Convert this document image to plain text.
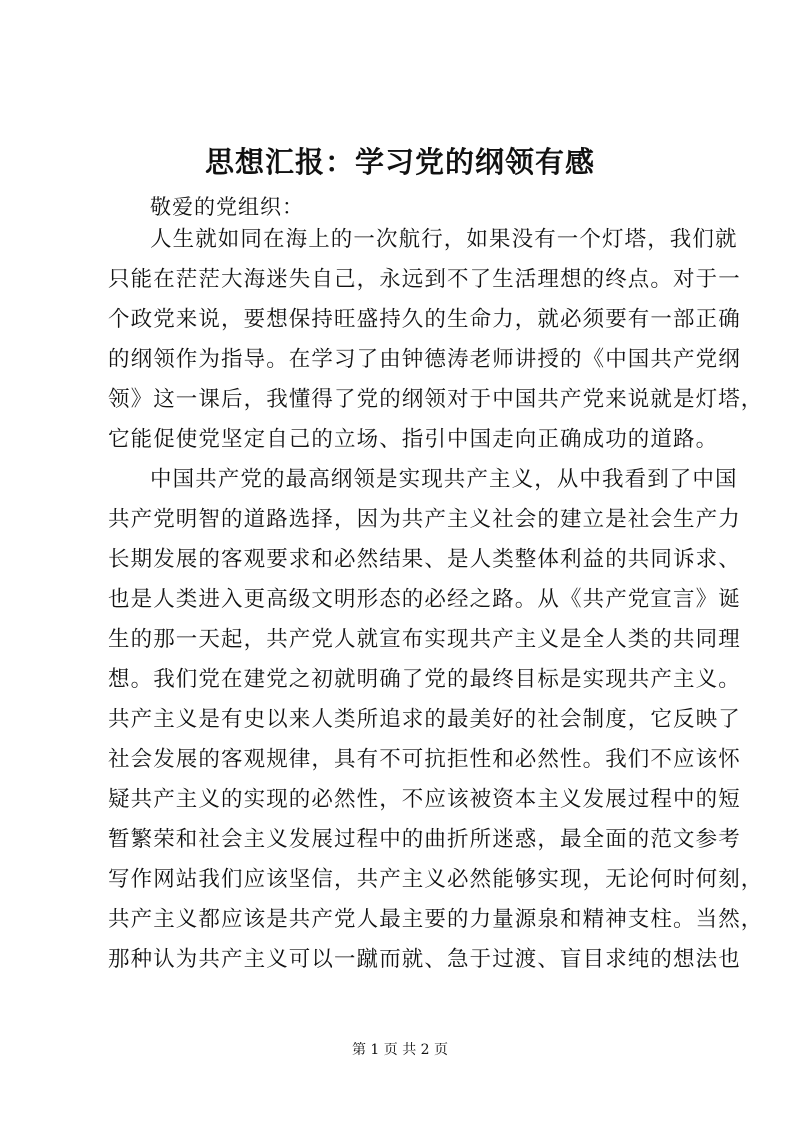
思想汇报：学习党的纲领有感
敬爱的党组织：
人生就如同在海上的一次航行，如果没有一个灯塔，我们就
只能在茫茫大海迷失自己，永远到不了生活理想的终点。对于一
个政党来说，要想保持旺盛持久的生命力，就必须要有一部正确
的纲领作为指导。在学习了由钟德涛老师讲授的《中国共产党纲
领》这一课后，我懂得了党的纲领对于中国共产党来说就是灯塔，
它能促使党坚定自己的立场、指引中国走向正确成功的道路。
中国共产党的最高纲领是实现共产主义，从中我看到了中国
共产党明智的道路选择，因为共产主义社会的建立是社会生产力
长期发展的客观要求和必然结果、是人类整体利益的共同诉求、
也是人类进入更高级文明形态的必经之路。从《共产党宣言》诞
生的那一天起，共产党人就宣布实现共产主义是全人类的共同理
想。我们党在建党之初就明确了党的最终目标是实现共产主义。
共产主义是有史以来人类所追求的最美好的社会制度，它反映了
社会发展的客观规律，具有不可抗拒性和必然性。我们不应该怀
疑共产主义的实现的必然性，不应该被资本主义发展过程中的短
暂繁荣和社会主义发展过程中的曲折所迷惑，最全面的范文参考
写作网站我们应该坚信，共产主义必然能够实现，无论何时何刻，
共产主义都应该是共产党人最主要的力量源泉和精神支柱。当然，
那种认为共产主义可以一蹴而就、急于过渡、盲目求纯的想法也
第 1 页 共 2 页
